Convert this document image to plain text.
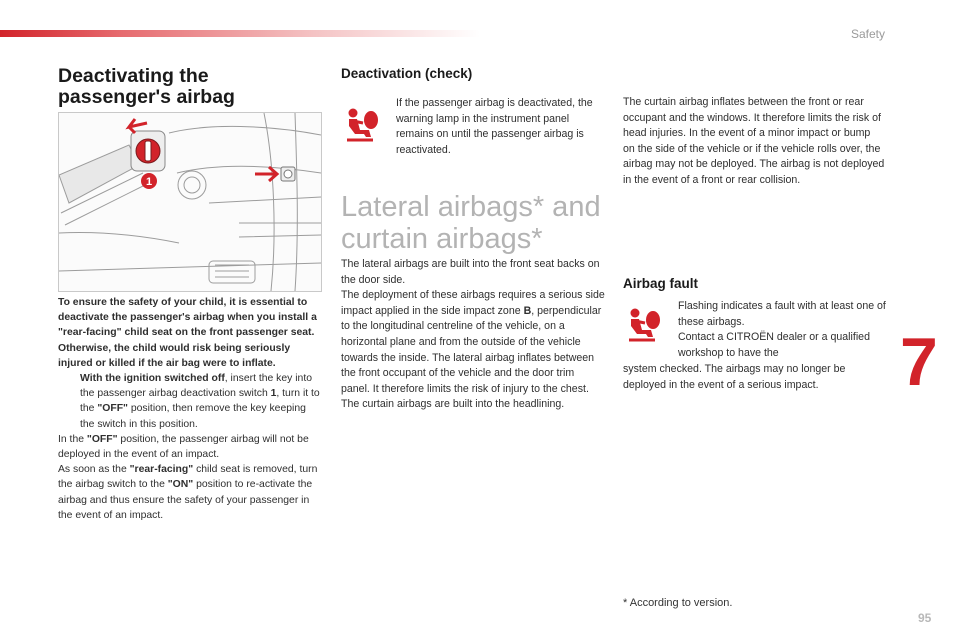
Safety
7
95
Deactivating the
passenger's airbag
1

To ensure the safety of your child, it is essential to deactivate the passenger's airbag when you install a "rear-facing" child seat on the front passenger seat. Otherwise, the child would risk being seriously injured or killed if the air bag were to inflate.

With the ignition switched off, insert the key into the passenger airbag deactivation switch 1, turn it to the "OFF" position, then remove the key keeping the switch in this position.

In the "OFF" position, the passenger airbag will not be deployed in the event of an impact.

As soon as the "rear-facing" child seat is removed, turn the airbag switch to the "ON" position to re-activate the airbag and thus ensure the safety of your passenger in the event of an impact.

Deactivation (check)

If the passenger airbag is deactivated, the warning lamp in the instrument panel remains on until the passenger airbag is reactivated.

Lateral airbags* and
curtain airbags*
The lateral airbags are built into the front seat backs on the door side.
The deployment of these airbags requires a serious side impact applied in the side impact zone B, perpendicular to the longitudinal centreline of the vehicle, on a horizontal plane and from the outside of the vehicle towards the inside. The lateral airbag inflates between the front occupant of the vehicle and the door trim panel. It therefore limits the risk of injury to the chest.
The curtain airbags are built into the headlining.

The curtain airbag inflates between the front or rear occupant and the windows. It therefore limits the risk of head injuries. In the event of a minor impact or bump on the side of the vehicle or if the vehicle rolls over, the airbag may not be deployed. The airbag is not deployed in the event of a front or rear collision.

Airbag fault
Flashing indicates a fault with at least one of these airbags.
Contact a CITROËN dealer or a qualified workshop to have the

system checked. The airbags may no longer be deployed in the event of a serious impact.

* According to version.
